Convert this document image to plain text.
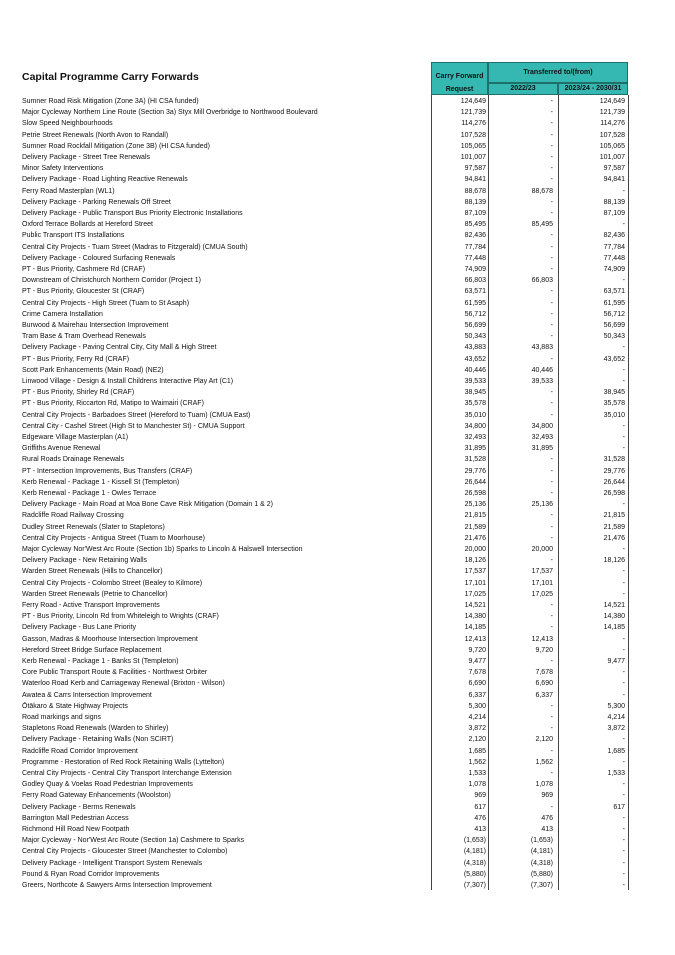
Capital Programme Carry Forwards	Carry Forward
Request
Transferred to/(from)
2022/23	2023/24 - 2030/31
Sumner Road Risk Mitigation (Zone 3A) (HI CSA funded)	124,649	-	124,649
Major Cycleway Northern Line Route (Section 3a) Styx Mill Overbridge to Northwood Boulevard	121,739	-	121,739
Slow Speed Neighbourhoods	114,276	-	114,276
Petrie Street Renewals (North Avon to Randall)	107,528	-	107,528
Sumner Road Rockfall Mitigation (Zone 3B) (HI CSA funded)	105,065	-	105,065
Delivery Package - Street Tree Renewals	101,007	-	101,007
Minor Safety Interventions	97,587	-	97,587
Delivery Package - Road Lighting Reactive Renewals	94,841	-	94,841
Ferry Road Masterplan (WL1)	88,678	88,678	-
Delivery Package - Parking Renewals Off Street	88,139	-	88,139
Delivery Package - Public Transport Bus Priority Electronic Installations	87,109	-	87,109
Oxford Terrace Bollards at Hereford Street	85,495	85,495	-
Public Transport ITS Installations	82,436	-	82,436
Central City Projects - Tuam Street (Madras to Fitzgerald) (CMUA South)	77,784	-	77,784
Delivery Package - Coloured Surfacing Renewals	77,448	-	77,448
PT - Bus Priority, Cashmere Rd (CRAF)	74,909	-	74,909
Downstream of Christchurch Northern Corridor (Project 1)	66,803	66,803	-
PT - Bus Priority, Gloucester St (CRAF)	63,571	-	63,571
Central City Projects - High Street (Tuam to St Asaph)	61,595	-	61,595
Crime Camera Installation	56,712	-	56,712
Burwood & Mairehau Intersection Improvement	56,699	-	56,699
Tram Base & Tram Overhead Renewals	50,343	-	50,343
Delivery Package - Paving Central City, City Mall & High Street	43,883	43,883	-
PT - Bus Priority, Ferry Rd (CRAF)	43,652	-	43,652
Scott Park Enhancements (Main Road) (NE2)	40,446	40,446	-
Linwood Village - Design & Install Childrens Interactive Play Art (C1)	39,533	39,533	-
PT - Bus Priority, Shirley Rd (CRAF)	38,945	-	38,945
PT - Bus Priority, Riccarton Rd, Matipo to Waimairi (CRAF)	35,578	-	35,578
Central City Projects - Barbadoes Street (Hereford to Tuam) (CMUA East)	35,010	-	35,010
Central City - Cashel Street (High St to Manchester St) - CMUA Support	34,800	34,800	-
Edgeware Village Masterplan (A1)	32,493	32,493	-
Griffiths Avenue Renewal	31,895	31,895	-
Rural Roads Drainage Renewals	31,528	-	31,528
PT - Intersection Improvements, Bus Transfers (CRAF)	29,776	-	29,776
Kerb Renewal - Package 1 - Kissell St (Templeton)	26,644	-	26,644
Kerb Renewal - Package 1 - Owles Terrace	26,598	-	26,598
Delivery Package - Main Road at Moa Bone Cave Risk Mitigation (Domain 1 & 2)	25,136	25,136	-
Radcliffe Road Railway Crossing	21,815	-	21,815
Dudley Street Renewals (Slater to Stapletons)	21,589	-	21,589
Central City Projects - Antigua Street (Tuam to Moorhouse)	21,476	-	21,476
Major Cycleway Nor'West Arc Route (Section 1b) Sparks to Lincoln & Halswell Intersection	20,000	20,000	-
Delivery Package - New Retaining Walls	18,126	-	18,126
Warden Street Renewals (Hills to Chancellor)	17,537	17,537	-
Central City Projects - Colombo Street (Bealey to Kilmore)	17,101	17,101	-
Warden Street Renewals (Petrie to Chancellor)	17,025	17,025	-
Ferry Road - Active Transport Improvements	14,521	-	14,521
PT - Bus Priority, Lincoln Rd from Whiteleigh to Wrights (CRAF)	14,380	-	14,380
Delivery Package - Bus Lane Priority	14,185	-	14,185
Gasson, Madras & Moorhouse Intersection Improvement	12,413	12,413	-
Hereford Street Bridge Surface Replacement	9,720	9,720	-
Kerb Renewal - Package 1 - Banks St (Templeton)	9,477	-	9,477
Core Public Transport Route & Facilities - Northwest Orbiter	7,678	7,678	-
Waterloo Road Kerb and Carriageway Renewal (Brixton - Wilson)	6,690	6,690	-
Awatea & Carrs Intersection Improvement	6,337	6,337	-
Ōtākaro & State Highway Projects	5,300	-	5,300
Road markings and signs	4,214	-	4,214
Stapletons Road Renewals (Warden to Shirley)	3,872	-	3,872
Delivery Package - Retaining Walls (Non SCIRT)	2,120	2,120	-
Radcliffe Road Corridor Improvement	1,685	-	1,685
Programme - Restoration of Red Rock Retaining Walls (Lyttelton)	1,562	1,562	-
Central City Projects - Central City Transport Interchange Extension	1,533	-	1,533
Godley Quay & Voelas Road Pedestrian Improvements	1,078	1,078	-
Ferry Road Gateway Enhancements (Woolston)	969	969	-
Delivery Package - Berms Renewals	617	-	617
Barrington Mall Pedestrian Access	476	476	-
Richmond Hill Road New Footpath	413	413	-
Major Cycleway - Nor'West Arc Route (Section 1a) Cashmere to Sparks	(1,653)	(1,653)	-
Central City Projects - Gloucester Street (Manchester to Colombo)	(4,181)	(4,181)	-
Delivery Package - Intelligent Transport System Renewals	(4,318)	(4,318)	-
Pound & Ryan Road Corridor Improvements	(5,880)	(5,880)	-
Greers, Northcote & Sawyers Arms Intersection Improvement	(7,307)	(7,307)	-
